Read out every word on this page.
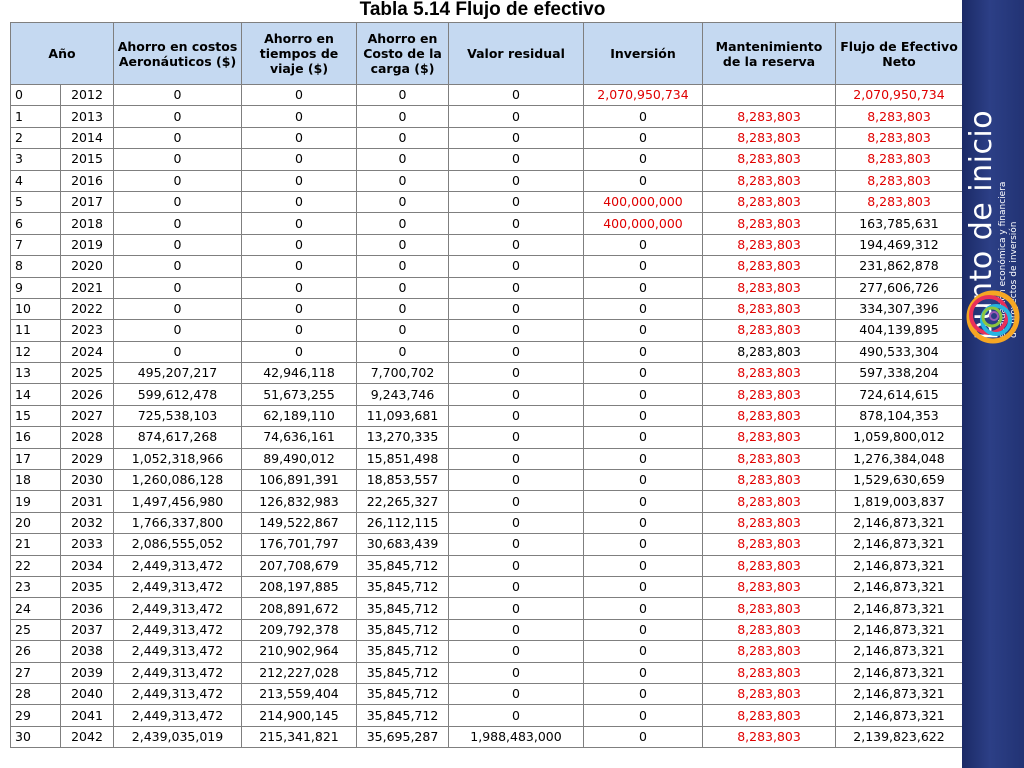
Tabla 5.14 Flujo de efectivo
Año		Ahorro en costos Aeronáuticos ($)	Ahorro en tiempos de viaje ($)	Ahorro en Costo de la carga ($)	Valor residual	Inversión	Mantenimiento de la reserva	Flujo de Efectivo Neto
0	2012	0	0	0	0	2,070,950,734		2,070,950,734
1	2013	0	0	0	0	0	8,283,803	8,283,803
2	2014	0	0	0	0	0	8,283,803	8,283,803
3	2015	0	0	0	0	0	8,283,803	8,283,803
4	2016	0	0	0	0	0	8,283,803	8,283,803
5	2017	0	0	0	0	400,000,000	8,283,803	8,283,803
6	2018	0	0	0	0	400,000,000	8,283,803	163,785,631
7	2019	0	0	0	0	0	8,283,803	194,469,312
8	2020	0	0	0	0	0	8,283,803	231,862,878
9	2021	0	0	0	0	0	8,283,803	277,606,726
10	2022	0	0	0	0	0	8,283,803	334,307,396
11	2023	0	0	0	0	0	8,283,803	404,139,895
12	2024	0	0	0	0	0	8,283,803	490,533,304
13	2025	495,207,217	42,946,118	7,700,702	0	0	8,283,803	597,338,204
14	2026	599,612,478	51,673,255	9,243,746	0	0	8,283,803	724,614,615
15	2027	725,538,103	62,189,110	11,093,681	0	0	8,283,803	878,104,353
16	2028	874,617,268	74,636,161	13,270,335	0	0	8,283,803	1,059,800,012
17	2029	1,052,318,966	89,490,012	15,851,498	0	0	8,283,803	1,276,384,048
18	2030	1,260,086,128	106,891,391	18,853,557	0	0	8,283,803	1,529,630,659
19	2031	1,497,456,980	126,832,983	22,265,327	0	0	8,283,803	1,819,003,837
20	2032	1,766,337,800	149,522,867	26,112,115	0	0	8,283,803	2,146,873,321
21	2033	2,086,555,052	176,701,797	30,683,439	0	0	8,283,803	2,146,873,321
22	2034	2,449,313,472	207,708,679	35,845,712	0	0	8,283,803	2,146,873,321
23	2035	2,449,313,472	208,197,885	35,845,712	0	0	8,283,803	2,146,873,321
24	2036	2,449,313,472	208,891,672	35,845,712	0	0	8,283,803	2,146,873,321
25	2037	2,449,313,472	209,792,378	35,845,712	0	0	8,283,803	2,146,873,321
26	2038	2,449,313,472	210,902,964	35,845,712	0	0	8,283,803	2,146,873,321
27	2039	2,449,313,472	212,227,028	35,845,712	0	0	8,283,803	2,146,873,321
28	2040	2,449,313,472	213,559,404	35,845,712	0	0	8,283,803	2,146,873,321
29	2041	2,449,313,472	214,900,145	35,845,712	0	0	8,283,803	2,146,873,321
30	2042	2,439,035,019	215,341,821	35,695,287	1,988,483,000	0	8,283,803	2,139,823,622
punto de inicio evaluación económica y financiera de proyectos de inversión
